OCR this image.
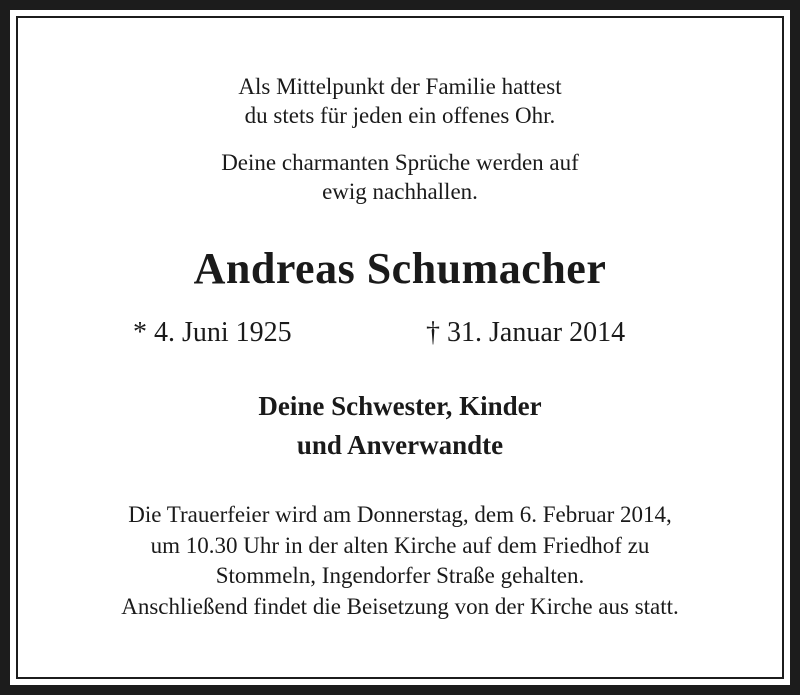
Als Mittelpunkt der Familie hattest
du stets für jeden ein offenes Ohr.
Deine charmanten Sprüche werden auf
ewig nachhallen.
Andreas Schumacher
* 4. Juni 1925	† 31. Januar 2014
Deine Schwester, Kinder
und Anverwandte
Die Trauerfeier wird am Donnerstag, dem 6. Februar 2014,
um 10.30 Uhr in der alten Kirche auf dem Friedhof zu
Stommeln, Ingendorfer Straße gehalten.
Anschließend findet die Beisetzung von der Kirche aus statt.
